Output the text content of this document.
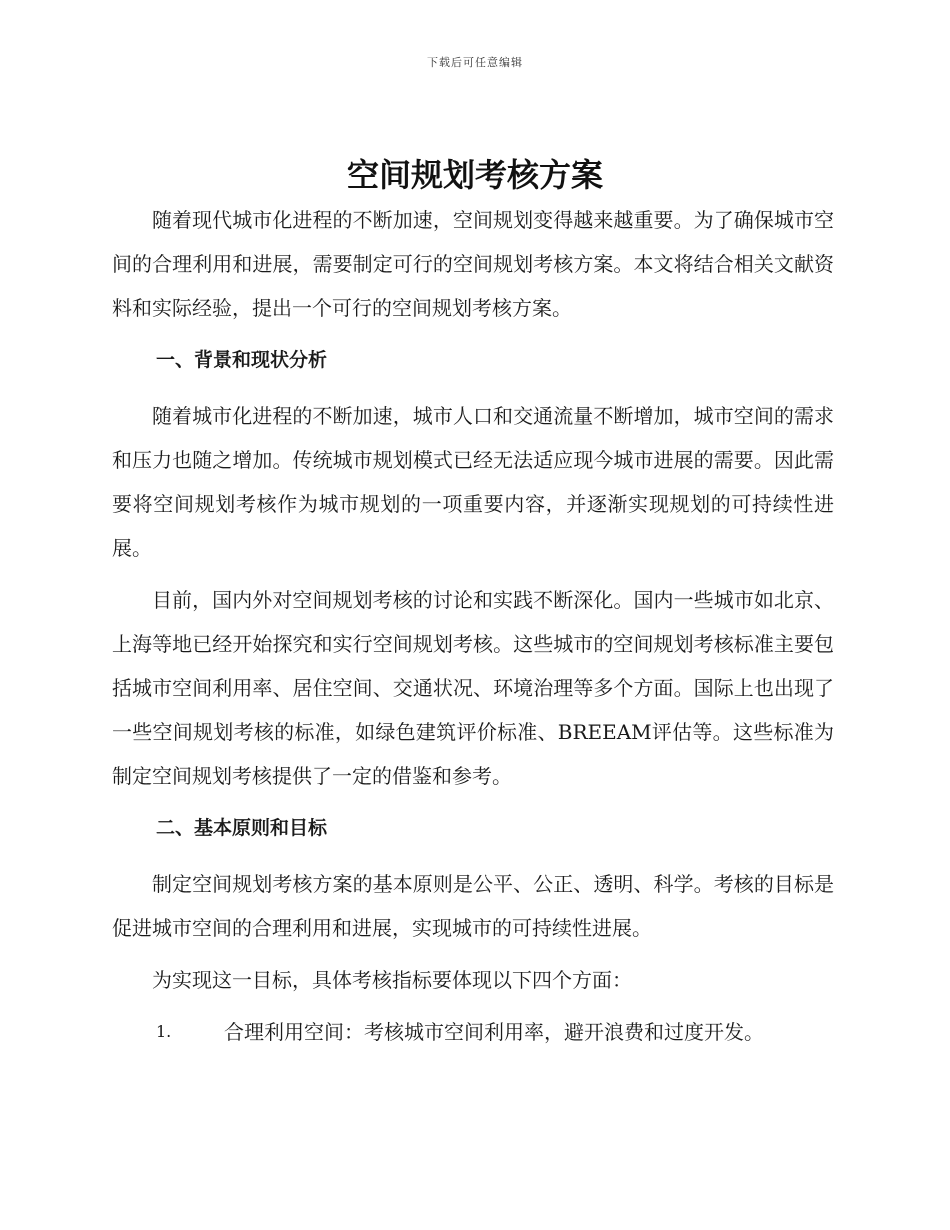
下载后可任意编辑
空间规划考核方案

随着现代城市化进程的不断加速，空间规划变得越来越重要。为了确保城市空间的合理利用和进展，需要制定可行的空间规划考核方案。本文将结合相关文献资料和实际经验，提出一个可行的空间规划考核方案。

一、背景和现状分析

随着城市化进程的不断加速，城市人口和交通流量不断增加，城市空间的需求和压力也随之增加。传统城市规划模式已经无法适应现今城市进展的需要。因此需要将空间规划考核作为城市规划的一项重要内容，并逐渐实现规划的可持续性进展。

目前，国内外对空间规划考核的讨论和实践不断深化。国内一些城市如北京、上海等地已经开始探究和实行空间规划考核。这些城市的空间规划考核标准主要包括城市空间利用率、居住空间、交通状况、环境治理等多个方面。国际上也出现了一些空间规划考核的标准，如绿色建筑评价标准、BREEAM评估等。这些标准为制定空间规划考核提供了一定的借鉴和参考。

二、基本原则和目标

制定空间规划考核方案的基本原则是公平、公正、透明、科学。考核的目标是促进城市空间的合理利用和进展，实现城市的可持续性进展。

为实现这一目标，具体考核指标要体现以下四个方面：

1.	合理利用空间：考核城市空间利用率，避开浪费和过度开发。
